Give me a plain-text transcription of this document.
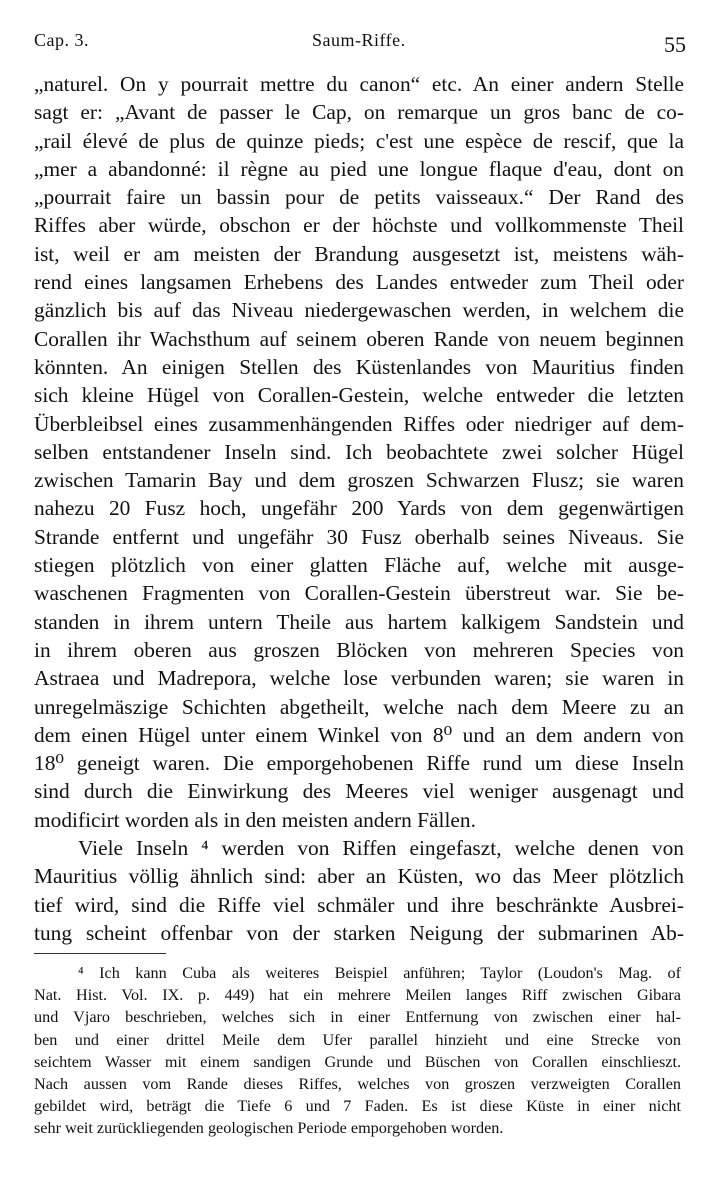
Cap. 3.	Saum-Riffe.	55
„naturel. On y pourrait mettre du canon“ etc. An einer andern Stelle
sagt er: „Avant de passer le Cap, on remarque un gros banc de co-
„rail élevé de plus de quinze pieds; c'est une espèce de rescif, que la
„mer a abandonné: il règne au pied une longue flaque d'eau, dont on
„pourrait faire un bassin pour de petits vaisseaux.“ Der Rand des
Riffes aber würde, obschon er der höchste und vollkommenste Theil
ist, weil er am meisten der Brandung ausgesetzt ist, meistens wäh-
rend eines langsamen Erhebens des Landes entweder zum Theil oder
gänzlich bis auf das Niveau niedergewaschen werden, in welchem die
Corallen ihr Wachsthum auf seinem oberen Rande von neuem beginnen
könnten. An einigen Stellen des Küstenlandes von Mauritius finden
sich kleine Hügel von Corallen-Gestein, welche entweder die letzten
Überbleibsel eines zusammenhängenden Riffes oder niedriger auf dem-
selben entstandener Inseln sind. Ich beobachtete zwei solcher Hügel
zwischen Tamarin Bay und dem groszen Schwarzen Flusz; sie waren
nahezu 20 Fusz hoch, ungefähr 200 Yards von dem gegenwärtigen
Strande entfernt und ungefähr 30 Fusz oberhalb seines Niveaus. Sie
stiegen plötzlich von einer glatten Fläche auf, welche mit ausge-
waschenen Fragmenten von Corallen-Gestein überstreut war. Sie be-
standen in ihrem untern Theile aus hartem kalkigem Sandstein und
in ihrem oberen aus groszen Blöcken von mehreren Species von
Astraea und Madrepora, welche lose verbunden waren; sie waren in
unregelmäszige Schichten abgetheilt, welche nach dem Meere zu an
dem einen Hügel unter einem Winkel von 8⁰ und an dem andern von
18⁰ geneigt waren. Die emporgehobenen Riffe rund um diese Inseln
sind durch die Einwirkung des Meeres viel weniger ausgenagt und
modificirt worden als in den meisten andern Fällen.
Viele Inseln ⁴ werden von Riffen eingefaszt, welche denen von
Mauritius völlig ähnlich sind: aber an Küsten, wo das Meer plötzlich
tief wird, sind die Riffe viel schmäler und ihre beschränkte Ausbrei-
tung scheint offenbar von der starken Neigung der submarinen Ab-
⁴ Ich kann Cuba als weiteres Beispiel anführen; Taylor (Loudon's Mag. of
Nat. Hist. Vol. IX. p. 449) hat ein mehrere Meilen langes Riff zwischen Gibara
und Vjaro beschrieben, welches sich in einer Entfernung von zwischen einer hal-
ben und einer drittel Meile dem Ufer parallel hinzieht und eine Strecke von
seichtem Wasser mit einem sandigen Grunde und Büschen von Corallen einschlieszt.
Nach aussen vom Rande dieses Riffes, welches von groszen verzweigten Corallen
gebildet wird, beträgt die Tiefe 6 und 7 Faden. Es ist diese Küste in einer nicht
sehr weit zurückliegenden geologischen Periode emporgehoben worden.
